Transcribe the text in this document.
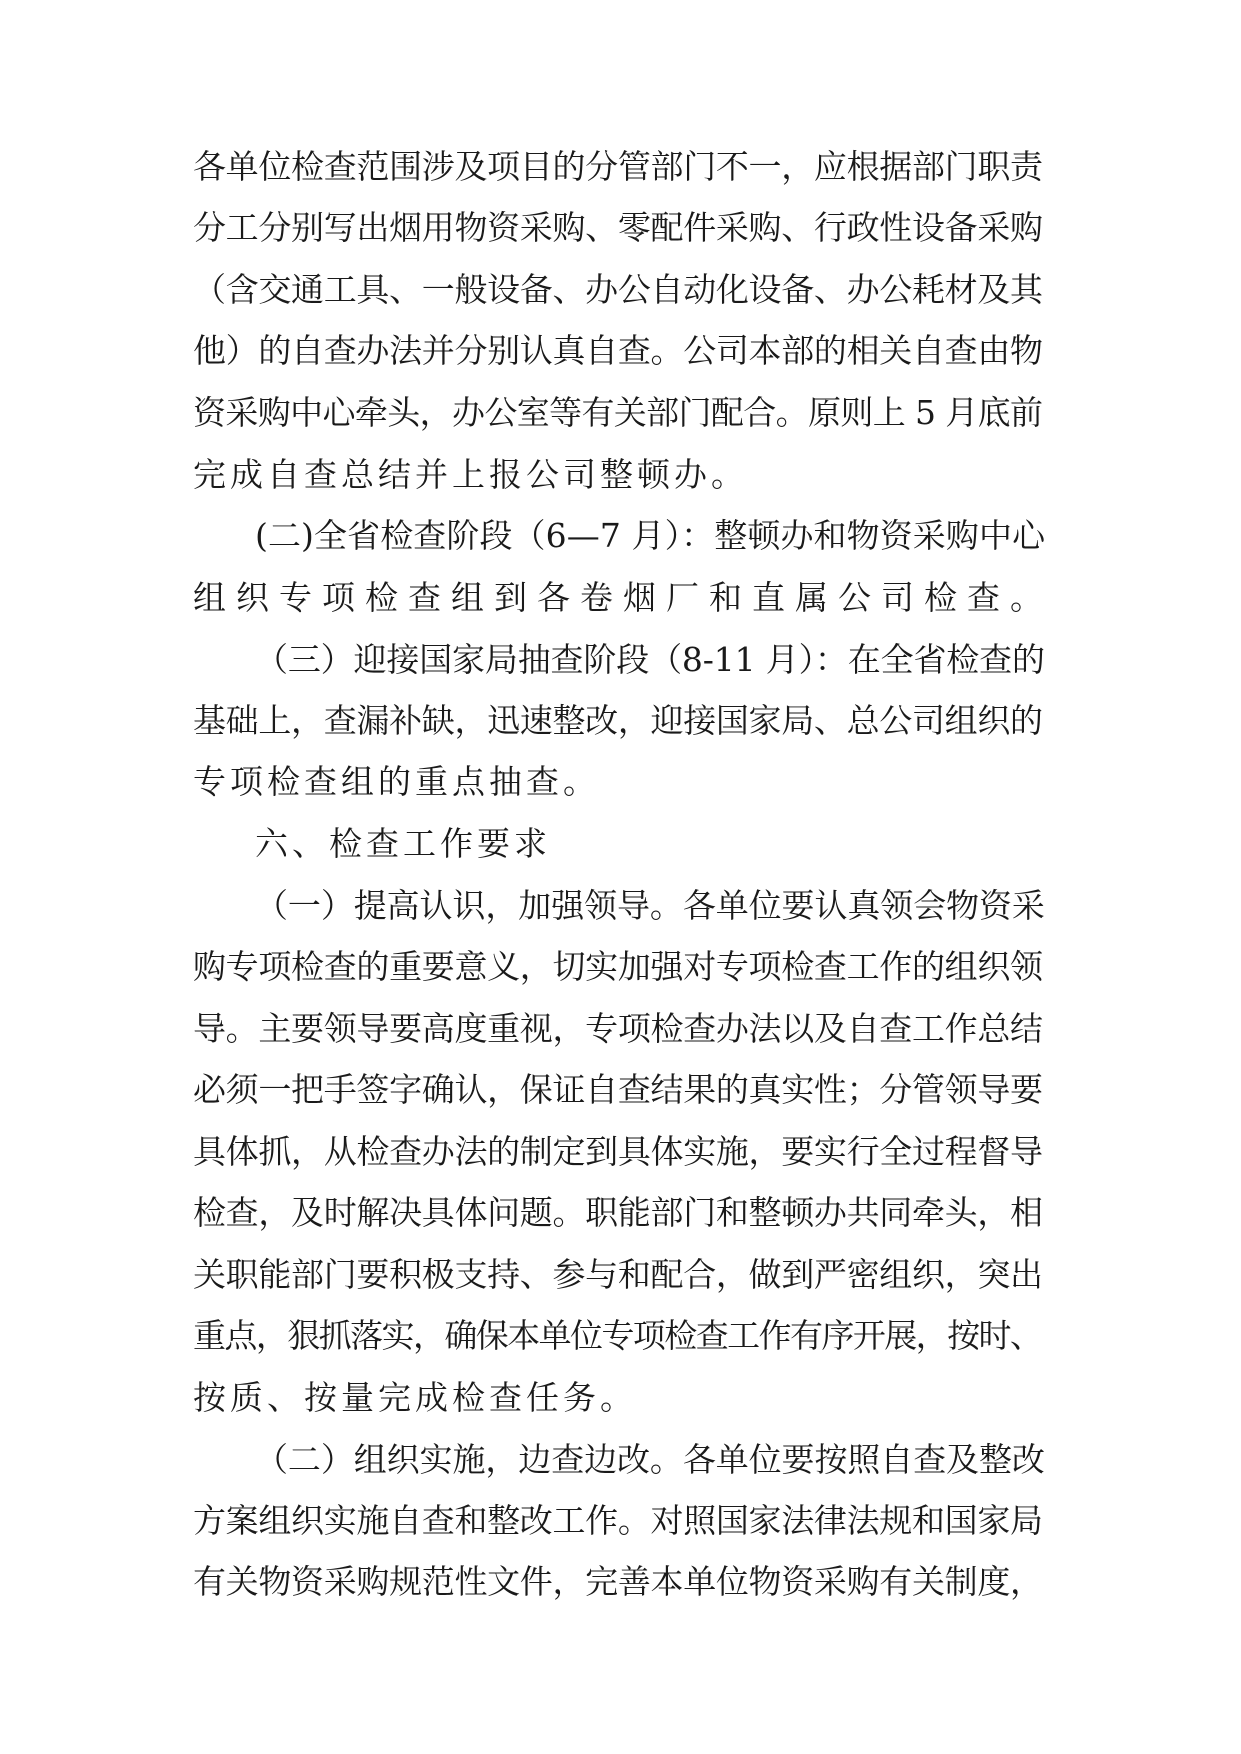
各单位检查范围涉及项目的分管部门不一，应根据部门职责
分工分别写出烟用物资采购、零配件采购、行政性设备采购
（含交通工具、一般设备、办公自动化设备、办公耗材及其
他）的自查办法并分别认真自查。公司本部的相关自查由物
资采购中心牵头，办公室等有关部门配合。原则上 5 月底前
完成自查总结并上报公司整顿办。
(二)全省检查阶段（6—7 月）：整顿办和物资采购中心
组织专项检查组到各卷烟厂和直属公司检查。
（三）迎接国家局抽查阶段（8-11 月）：在全省检查的
基础上，查漏补缺，迅速整改，迎接国家局、总公司组织的
专项检查组的重点抽查。
六、检查工作要求
（一）提高认识，加强领导。各单位要认真领会物资采
购专项检查的重要意义，切实加强对专项检查工作的组织领
导。主要领导要高度重视，专项检查办法以及自查工作总结
必须一把手签字确认，保证自查结果的真实性；分管领导要
具体抓，从检查办法的制定到具体实施，要实行全过程督导
检查，及时解决具体问题。职能部门和整顿办共同牵头，相
关职能部门要积极支持、参与和配合，做到严密组织，突出
重点，狠抓落实，确保本单位专项检查工作有序开展，按时、
按质、按量完成检查任务。
（二）组织实施，边查边改。各单位要按照自查及整改
方案组织实施自查和整改工作。对照国家法律法规和国家局
有关物资采购规范性文件，完善本单位物资采购有关制度，
